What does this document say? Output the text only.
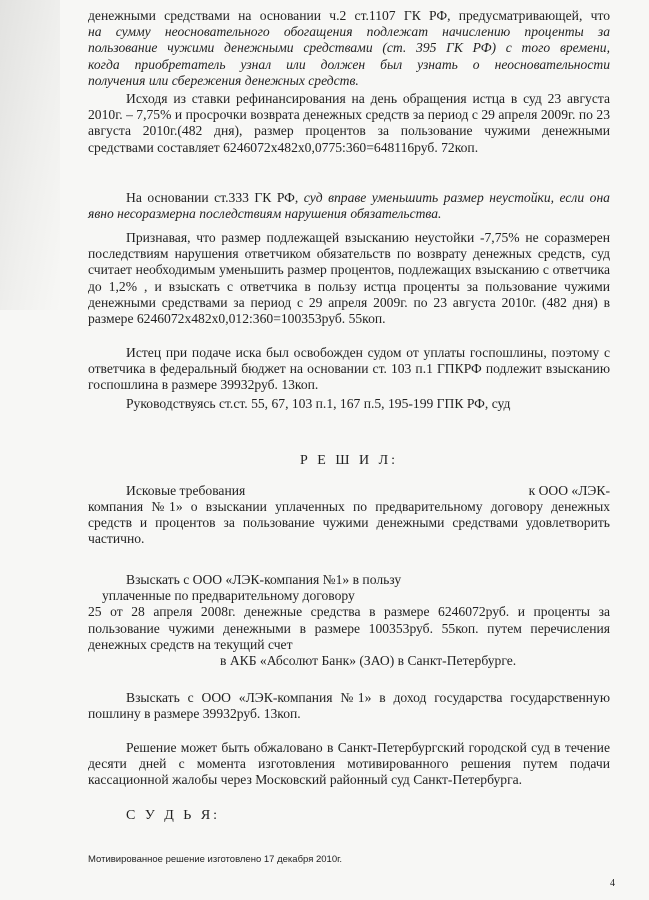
денежными средствами на основании ч.2 ст.1107 ГК РФ, предусматривающей, что
на сумму неосновательного обогащения подлежат начислению проценты за
пользование чужими денежными средствами (ст. 395 ГК РФ) с того времени,
когда приобретатель узнал или должен был узнать о неосновательности
получения или сбережения денежных средств.

Исходя из ставки рефинансирования на день обращения истца в суд 23 августа 2010г. – 7,75% и просрочки возврата денежных средств за период с 29 апреля 2009г. по 23 августа 2010г.(482 дня), размер процентов за пользование чужими денежными средствами составляет 6246072х482х0,0775:360=648116руб. 72коп.

На основании ст.333 ГК РФ, суд вправе уменьшить размер неустойки, если она явно несоразмерна последствиям нарушения обязательства.

Признавая, что размер подлежащей взысканию неустойки -7,75% не соразмерен последствиям нарушения ответчиком обязательств по возврату денежных средств, суд считает необходимым уменьшить размер процентов, подлежащих взысканию с ответчика до 1,2% , и взыскать с ответчика в пользу истца проценты за пользование чужими денежными средствами за период с 29 апреля 2009г. по 23 августа 2010г. (482 дня) в размере 6246072х482х0,012:360=100353руб. 55коп.

Истец при подаче иска был освобожден судом от уплаты госпошлины, поэтому с ответчика в федеральный бюджет на основании ст. 103 п.1 ГПКРФ подлежит взысканию госпошлина в размере 39932руб. 13коп.

Руководствуясь ст.ст. 55, 67, 103 п.1, 167 п.5, 195-199 ГПК РФ, суд

Р Е Ш И Л:
Исковые требования	к ООО «ЛЭК-
компания №1» о взыскании уплаченных по предварительному договору денежных средств и процентов за пользование чужими денежными средствами удовлетворить частично.
Взыскать с ООО «ЛЭК-компания №1» в пользу
уплаченные по предварительному договору
25 от 28 апреля 2008г. денежные средства в размере 6246072руб. и проценты за пользование чужими денежными в размере 100353руб. 55коп. путем перечисления денежных средств на текущий счет
в АКБ «Абсолют Банк» (ЗАО) в Санкт-Петербурге.

Взыскать с ООО «ЛЭК-компания №1» в доход государства государственную пошлину в размере 39932руб. 13коп.

Решение может быть обжаловано в Санкт-Петербургский городской суд в течение десяти дней с момента изготовления мотивированного решения путем подачи кассационной жалобы через Московский районный суд Санкт-Петербурга.

С У Д Ь Я:
Мотивированное решение изготовлено 17 декабря 2010г.
4
